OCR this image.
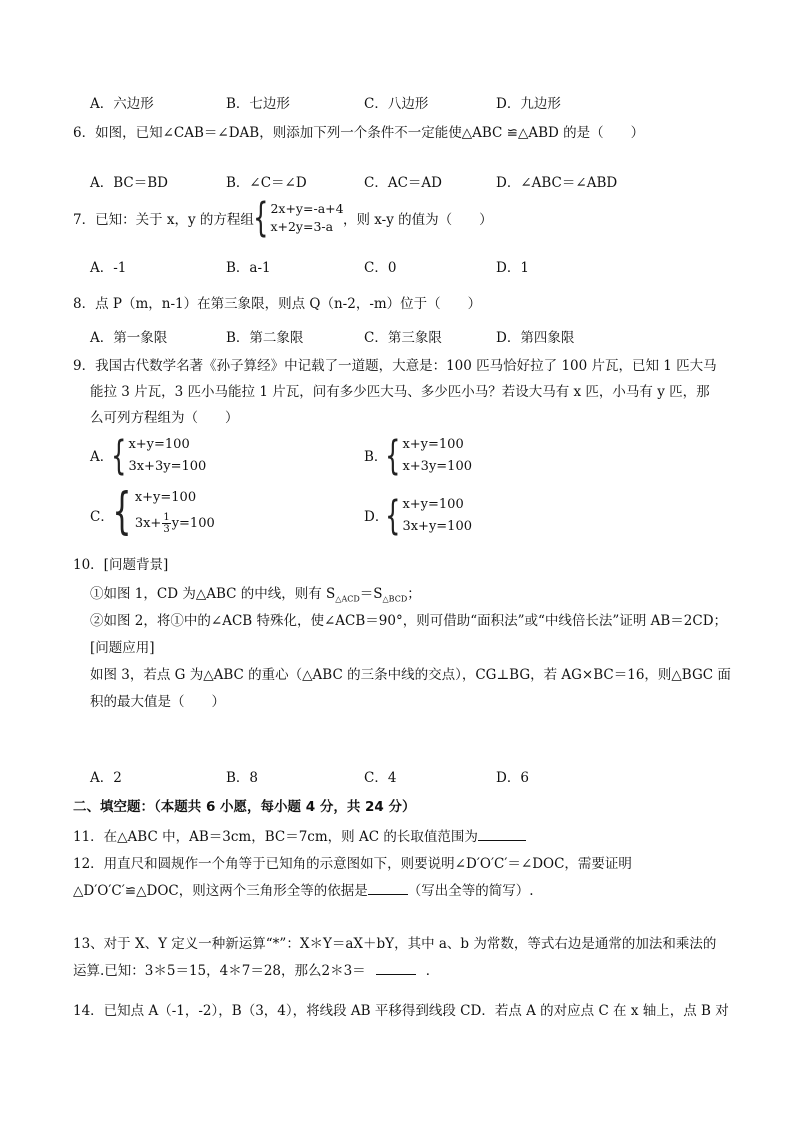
A．六边形	B．七边形	C．八边形	D．九边形
6．如图，已知∠CAB＝∠DAB，则添加下列一个条件不一定能使△ABC ≌△ABD 的是（　　）
A．BC＝BD	B．∠C＝∠D	C．AC＝AD	D．∠ABC＝∠ABD
7．已知：关于 x，y 的方程组 { 2x+y=-a+4
x+2y=3-a ，则 x-y 的值为（　　）
A．-1	B．a-1	C．0	D．1
8．点 P（m，n-1）在第三象限，则点 Q（n-2，-m）位于（　　）
A．第一象限	B．第二象限	C．第三象限	D．第四象限
9．我国古代数学名著《孙子算经》中记载了一道题，大意是：100 匹马恰好拉了 100 片瓦，已知 1 匹大马
能拉 3 片瓦，3 匹小马能拉 1 片瓦，问有多少匹大马、多少匹小马？若设大马有 x 匹，小马有 y 匹，那
么可列方程组为（　　）
A．
{ x+y=100
3x+3y=100
B．
{ x+y=100
x+3y=100
C．
{ x+y=100
$3x+ \frac{1}{3} y=100$	D．
{ x+y=100
3x+y=100
10．[问题背景]
①如图 1，CD 为△ABC 的中线，则有 $S_{\triangle ACD}=S_{\triangle BCD}$；
②如图 2，将①中的∠ACB 特殊化，使∠ACB＝90°，则可借助“面积法”或“中线倍长法”证明 AB＝2CD；
[问题应用]
如图 3，若点 G 为△ABC 的重心（△ABC 的三条中线的交点），CG⊥BG，若 AG×BC＝16，则△BGC 面
积的最大值是（　　）
A．2	B．8	C．4	D．6
二、填空题：（本题共 6 小愿，每小题 4 分，共 24 分）
11．在△ABC 中，AB＝3cm，BC＝7cm，则 AC 的长取值范围为
12．用直尺和圆规作一个角等于已知角的示意图如下，则要说明∠D′O′C′＝∠DOC，需要证明
△D′O′C′≌△DOC，则这两个三角形全等的依据是	（写出全等的简写）.
13、对于 X、Y 定义一种新运算“*”：X＊Y＝aX＋bY，其中 a、b 为常数，等式右边是通常的加法和乘法的
运算.已知：3＊5＝15，4＊7＝28，那么2＊3＝	．
14．已知点 A（-1，-2），B（3，4），将线段 AB 平移得到线段 CD．若点 A 的对应点 C 在 x 轴上，点 B 对
